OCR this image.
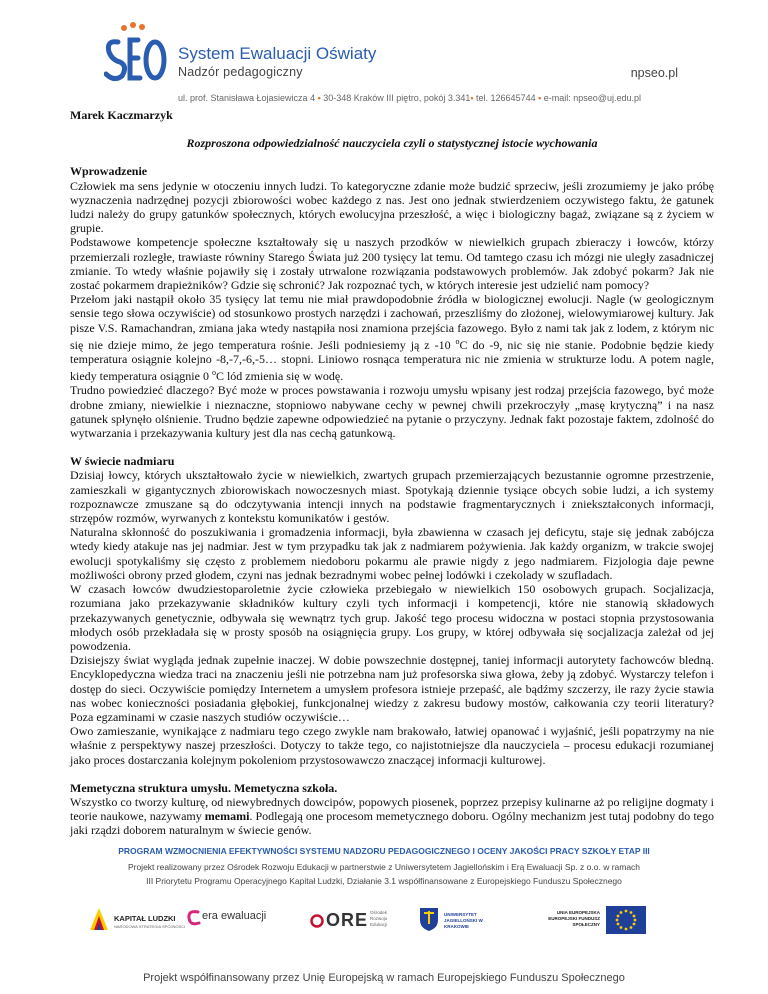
System Ewaluacji Oświaty
Nadzór pedagogiczny	npseo.pl
ul. prof. Stanisława Łojasiewicza 4 • 30-348 Kraków III piętro, pokój 3.341• tel. 126645744 • e-mail: npseo@uj.edu.pl

Marek Kaczmarzyk

Rozproszona odpowiedzialność nauczyciela czyli o statystycznej istocie wychowania

Wprowadzenie

Człowiek ma sens jedynie w otoczeniu innych ludzi. To kategoryczne zdanie może budzić sprzeciw, jeśli zrozumiemy je jako próbę wyznaczenia nadrzędnej pozycji zbiorowości wobec każdego z nas. Jest ono jednak stwierdzeniem oczywistego faktu, że gatunek ludzi należy do grupy gatunków społecznych, których ewolucyjna przeszłość, a więc i biologiczny bagaż, związane są z życiem w grupie.

Podstawowe kompetencje społeczne kształtowały się u naszych przodków w niewielkich grupach zbieraczy i łowców, którzy przemierzali rozległe, trawiaste równiny Starego Świata już 200 tysięcy lat temu. Od tamtego czasu ich mózgi nie uległy zasadniczej zmianie. To wtedy właśnie pojawiły się i zostały utrwalone rozwiązania podstawowych problemów. Jak zdobyć pokarm? Jak nie zostać pokarmem drapieżników? Gdzie się schronić? Jak rozpoznać tych, w których interesie jest udzielić nam pomocy?

Przełom jaki nastąpił około 35 tysięcy lat temu nie miał prawdopodobnie źródła w biologicznej ewolucji. Nagle (w geologicznym sensie tego słowa oczywiście) od stosunkowo prostych narzędzi i zachowań, przeszliśmy do złożonej, wielowymiarowej kultury. Jak pisze V.S. Ramachandran, zmiana jaka wtedy nastąpiła nosi znamiona przejścia fazowego. Było z nami tak jak z lodem, z którym nic się nie dzieje mimo, że jego temperatura rośnie. Jeśli podniesiemy ją z -10 $^o$C do -9, nic się nie stanie. Podobnie będzie kiedy temperatura osiągnie kolejno -8,-7,-6,-5… stopni. Liniowo rosnąca temperatura nic nie zmienia w strukturze lodu. A potem nagle, kiedy temperatura osiągnie 0 $^o$C lód zmienia się w wodę.

Trudno powiedzieć dlaczego? Być może w proces powstawania i rozwoju umysłu wpisany jest rodzaj przejścia fazowego, być może drobne zmiany, niewielkie i nieznaczne, stopniowo nabywane cechy w pewnej chwili przekroczyły „masę krytyczną” i na nasz gatunek spłynęło olśnienie. Trudno będzie zapewne odpowiedzieć na pytanie o przyczyny. Jednak fakt pozostaje faktem, zdolność do wytwarzania i przekazywania kultury jest dla nas cechą gatunkową.

W świecie nadmiaru

Dzisiaj łowcy, których ukształtowało życie w niewielkich, zwartych grupach przemierzających bezustannie ogromne przestrzenie, zamieszkali w gigantycznych zbiorowiskach nowoczesnych miast. Spotykają dziennie tysiące obcych sobie ludzi, a ich systemy rozpoznawcze zmuszane są do odczytywania intencji innych na podstawie fragmentarycznych i zniekształconych informacji, strzępów rozmów, wyrwanych z kontekstu komunikatów i gestów.

Naturalna skłonność do poszukiwania i gromadzenia informacji, była zbawienna w czasach jej deficytu, staje się jednak zabójcza wtedy kiedy atakuje nas jej nadmiar. Jest w tym przypadku tak jak z nadmiarem pożywienia. Jak każdy organizm, w trakcie swojej ewolucji spotykaliśmy się często z problemem niedoboru pokarmu ale prawie nigdy z jego nadmiarem. Fizjologia daje pewne możliwości obrony przed głodem, czyni nas jednak bezradnymi wobec pełnej lodówki i czekolady w szufladach.

W czasach łowców dwudziestoparoletnie życie człowieka przebiegało w niewielkich 150 osobowych grupach. Socjalizacja, rozumiana jako przekazywanie składników kultury czyli tych informacji i kompetencji, które nie stanowią składowych przekazywanych genetycznie, odbywała się wewnątrz tych grup. Jakość tego procesu widoczna w postaci stopnia przystosowania młodych osób przekładała się w prosty sposób na osiągnięcia grupy. Los grupy, w której odbywała się socjalizacja zależał od jej powodzenia.

Dzisiejszy świat wygląda jednak zupełnie inaczej. W dobie powszechnie dostępnej, taniej informacji autorytety fachowców bledną. Encyklopedyczna wiedza traci na znaczeniu jeśli nie potrzebna nam już profesorska siwa głowa, żeby ją zdobyć. Wystarczy telefon i dostęp do sieci. Oczywiście pomiędzy Internetem a umysłem profesora istnieje przepaść, ale bądźmy szczerzy, ile razy życie stawia nas wobec konieczności posiadania głębokiej, funkcjonalnej wiedzy z zakresu budowy mostów, całkowania czy teorii literatury? Poza egzaminami w czasie naszych studiów oczywiście…

Owo zamieszanie, wynikające z nadmiaru tego czego zwykle nam brakowało, łatwiej opanować i wyjaśnić, jeśli popatrzymy na nie właśnie z perspektywy naszej przeszłości. Dotyczy to także tego, co najistotniejsze dla nauczyciela – procesu edukacji rozumianej jako proces dostarczania kolejnym pokoleniom przystosowawczo znaczącej informacji kulturowej.

Memetyczna struktura umysłu. Memetyczna szkoła.

Wszystko co tworzy kulturę, od niewybrednych dowcipów, popowych piosenek, poprzez przepisy kulinarne aż po religijne dogmaty i teorie naukowe, nazywamy memami. Podlegają one procesom memetycznego doboru. Ogólny mechanizm jest tutaj podobny do tego jaki rządzi doborem naturalnym w świecie genów.

PROGRAM WZMOCNIENIA EFEKTYWNOŚCI SYSTEMU NADZORU PEDAGOGICZNEGO I OCENY JAKOŚCI PRACY SZKOŁY ETAP III
Projekt realizowany przez Ośrodek Rozwoju Edukacji w partnerstwie z Uniwersytetem Jagiellońskim i Erą Ewaluacji Sp. z o.o. w ramach
III Priorytetu Programu Operacyjnego Kapitał Ludzki, Działanie 3.1 współfinansowane z Europejskiego Funduszu Społecznego
KAPITAŁ LUDZKI
NARODOWA STRATEGIA SPÓJNOŚCI
era ewaluacji	ORE Ośrodek Rozwoju Edukacji
UNIWERSYTET JAGIELLOŃSKI W KRAKOWIE
UNIA EUROPEJSKA EUROPEJSKI FUNDUSZ SPOŁECZNY
Projekt współfinansowany przez Unię Europejską w ramach Europejskiego Funduszu Społecznego
